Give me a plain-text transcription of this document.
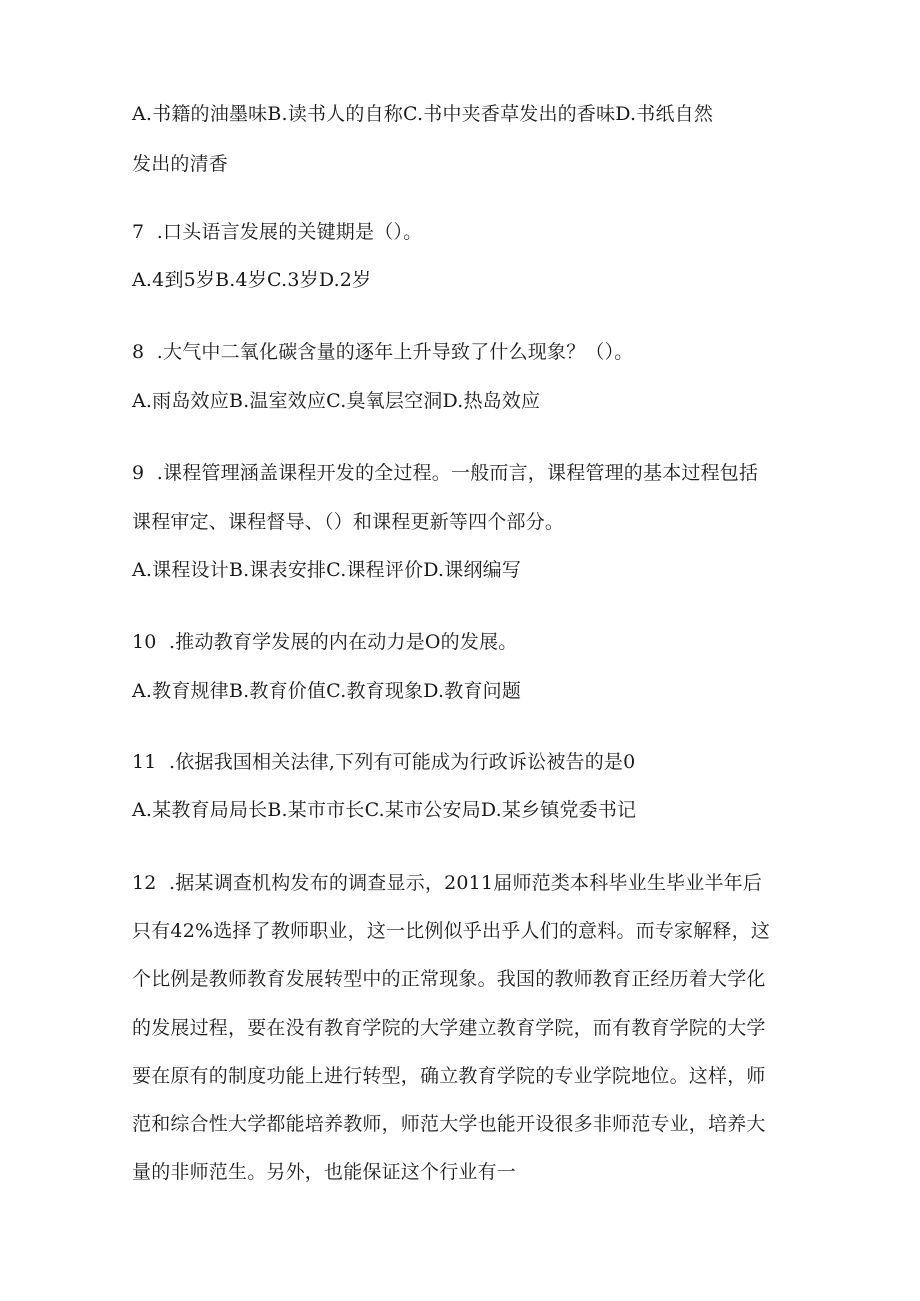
A.书籍的油墨味B.读书人的自称C.书中夹香草发出的香味D.书纸自然
发出的清香
7  .口头语言发展的关键期是（）。
A.4到5岁B.4岁C.3岁D.2岁
8  .大气中二氧化碳含量的逐年上升导致了什么现象？（）。
A.雨岛效应B.温室效应C.臭氧层空洞D.热岛效应
9  .课程管理涵盖课程开发的全过程。一般而言，课程管理的基本过程包括
课程审定、课程督导、（）和课程更新等四个部分。
A.课程设计B.课表安排C.课程评价D.课纲编写
10  .推动教育学发展的内在动力是O的发展。
A.教育规律B.教育价值C.教育现象D.教育问题
11  .依据我国相关法律,下列有可能成为行政诉讼被告的是0
A.某教育局局长B.某市市长C.某市公安局D.某乡镇党委书记
12  .据某调查机构发布的调查显示，2011届师范类本科毕业生毕业半年后
只有42%选择了教师职业，这一比例似乎出乎人们的意料。而专家解释，这
个比例是教师教育发展转型中的正常现象。我国的教师教育正经历着大学化
的发展过程，要在没有教育学院的大学建立教育学院，而有教育学院的大学
要在原有的制度功能上进行转型，确立教育学院的专业学院地位。这样，师
范和综合性大学都能培养教师，师范大学也能开设很多非师范专业，培养大
量的非师范生。另外，也能保证这个行业有一
